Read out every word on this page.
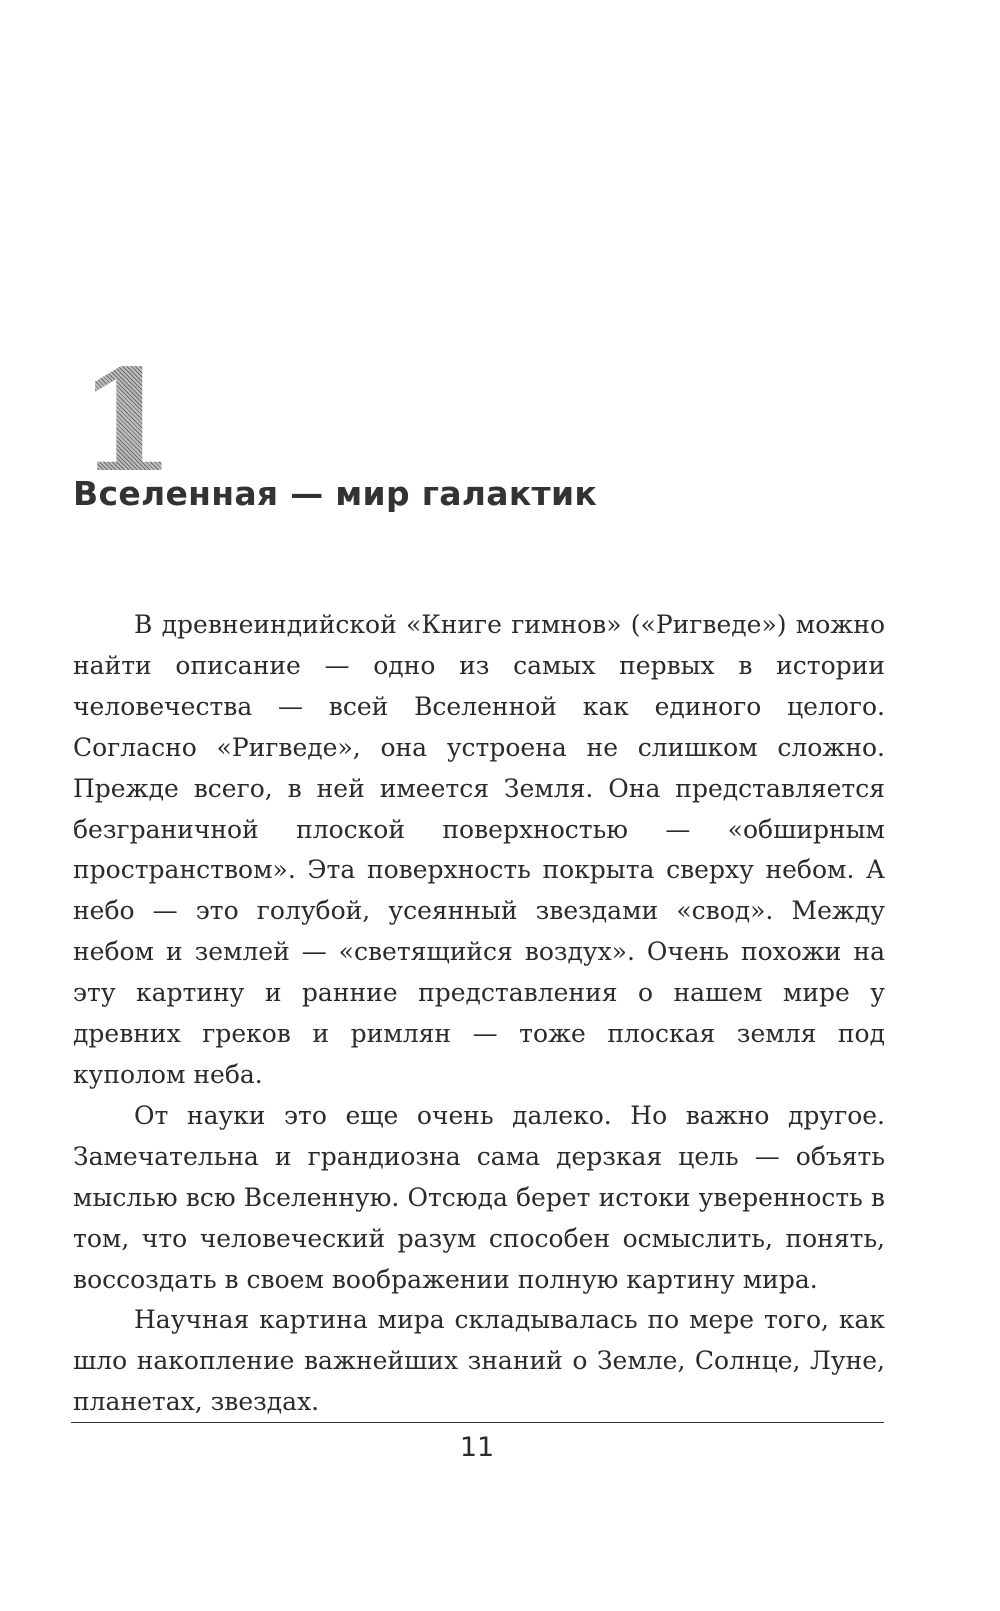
1
Вселенная — мир галактик

В древнеиндийской «Книге гимнов» («Ригведе») можно найти описание — одно из самых первых в истории человечества — всей Вселенной как единого целого. Согласно «Ригведе», она устроена не слишком сложно. Прежде всего, в ней имеется Земля. Она представляется безграничной плоской поверхностью — «обширным пространством». Эта поверхность покрыта сверху небом. А небо — это голубой, усеянный звездами «свод». Между небом и землей — «светящийся воздух». Очень похожи на эту картину и ранние представления о нашем мире у древних греков и римлян — тоже плоская земля под куполом неба.

От науки это еще очень далеко. Но важно другое. Замечательна и грандиозна сама дерзкая цель — объять мыслью всю Вселенную. Отсюда берет истоки уверенность в том, что человеческий разум способен осмыслить, понять, воссоздать в своем воображении полную картину мира.

Научная картина мира складывалась по мере того, как шло накопление важнейших знаний о Земле, Солнце, Луне, планетах, звездах.

11
